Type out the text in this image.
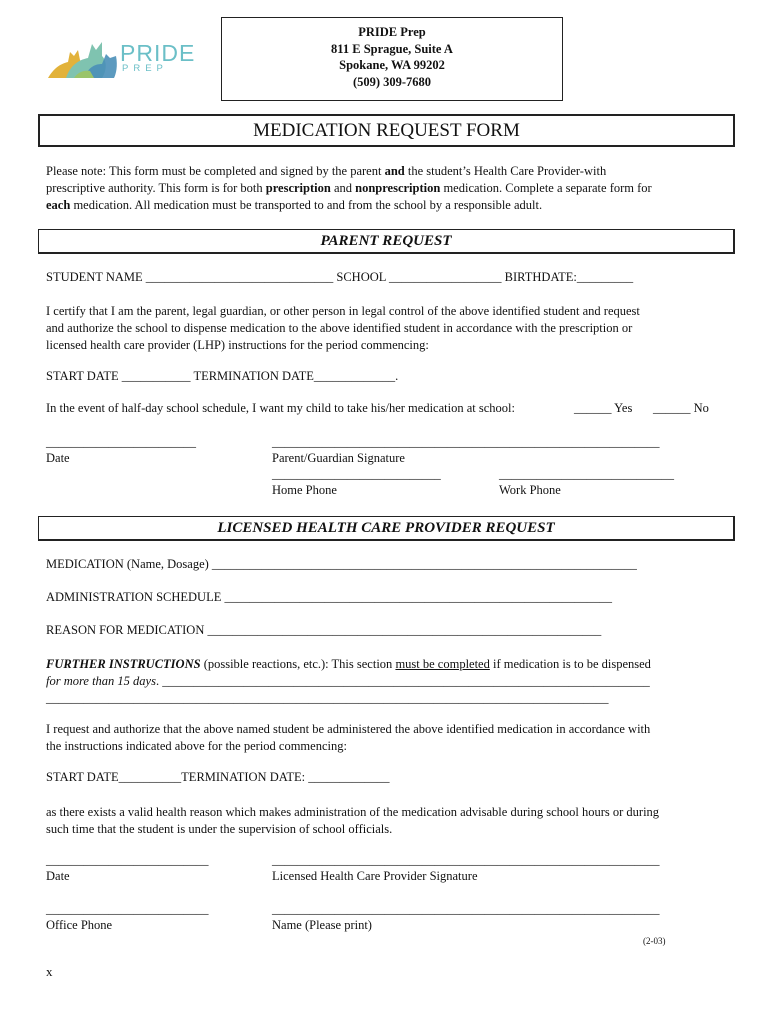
PRIDE
PREP
PRIDE Prep
811 E Sprague, Suite A
Spokane, WA 99202
(509) 309-7680
MEDICATION REQUEST FORM
Please note: This form must be completed and signed by the parent and the student’s Health Care Provider-with
prescriptive authority. This form is for both prescription and nonprescription medication. Complete a separate form for
each medication. All medication must be transported to and from the school by a responsible adult.
PARENT REQUEST
STUDENT NAME ______________________________ SCHOOL __________________ BIRTHDATE:_________
I certify that I am the parent, legal guardian, or other person in legal control of the above identified student and request
and authorize the school to dispense medication to the above identified student in accordance with the prescription or
licensed health care provider (LHP) instructions for the period commencing:
START DATE ___________ TERMINATION DATE_____________.
In the event of half-day school schedule, I want my child to take his/her medication at school:	______ Yes ______ No
________________________
Date
______________________________________________________________
Parent/Guardian Signature
___________________________
Home Phone
____________________________
Work Phone
LICENSED HEALTH CARE PROVIDER REQUEST
MEDICATION (Name, Dosage) ____________________________________________________________________
ADMINISTRATION SCHEDULE ______________________________________________________________
REASON FOR MEDICATION _______________________________________________________________
FURTHER INSTRUCTIONS (possible reactions, etc.): This section must be completed if medication is to be dispensed
for more than 15 days. ______________________________________________________________________________
__________________________________________________________________________________________
I request and authorize that the above named student be administered the above identified medication in accordance with
the instructions indicated above for the period commencing:
START DATE__________TERMINATION DATE: _____________
as there exists a valid health reason which makes administration of the medication advisable during school hours or during
such time that the student is under the supervision of school officials.
__________________________
Date
______________________________________________________________
Licensed Health Care Provider Signature
__________________________
Office Phone
______________________________________________________________
Name (Please print)
(2-03)
x
